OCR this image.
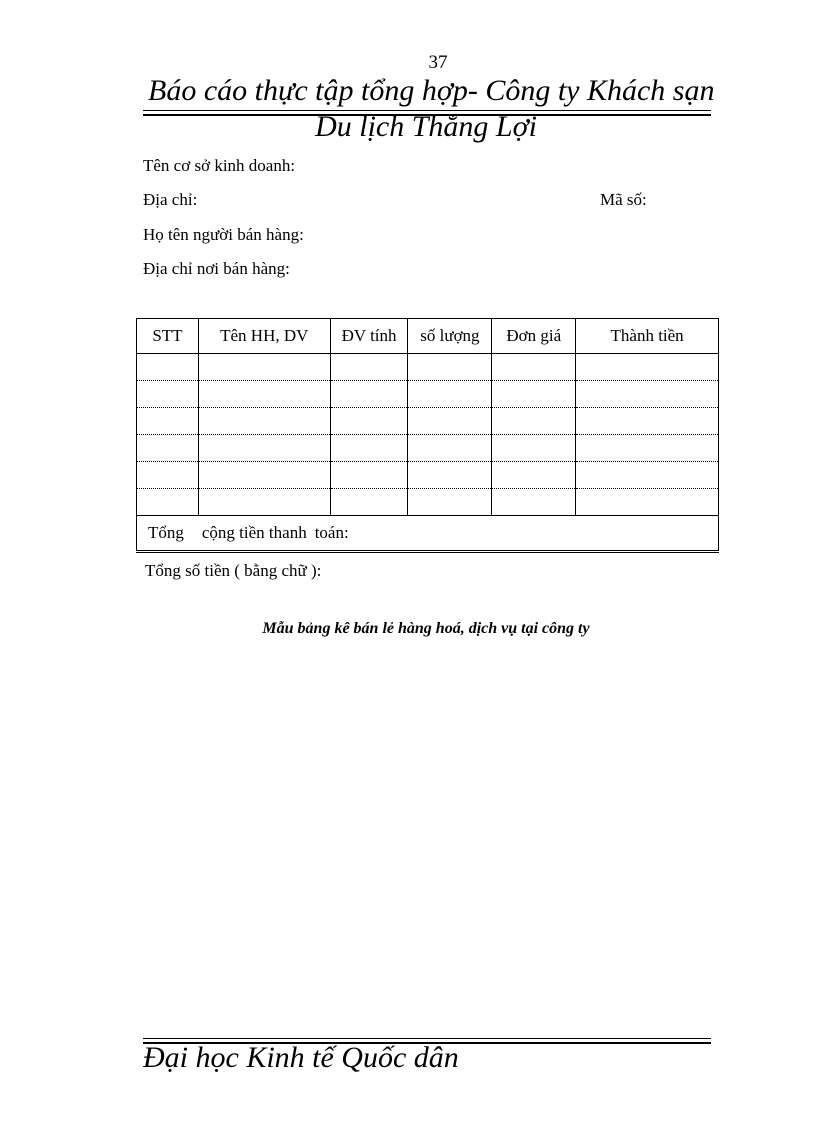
37
Báo cáo thực tập tổng hợp- Công ty Khách sạn
Du lịch Thắng Lợi
Tên cơ sở kinh doanh:
Địa chỉ:	Mã số:
Họ tên người bán hàng:
Địa chỉ nơi bán hàng:
STT	Tên HH, DV	ĐV tính	số lượng	Đơn giá	Thành tiền

Tổng cộng tiền thanh toán:					
Tổng số tiền ( bằng chữ ):
Mẫu bảng kê bán lẻ hàng hoá, dịch vụ tại công ty
Đại học Kinh tế Quốc dân
